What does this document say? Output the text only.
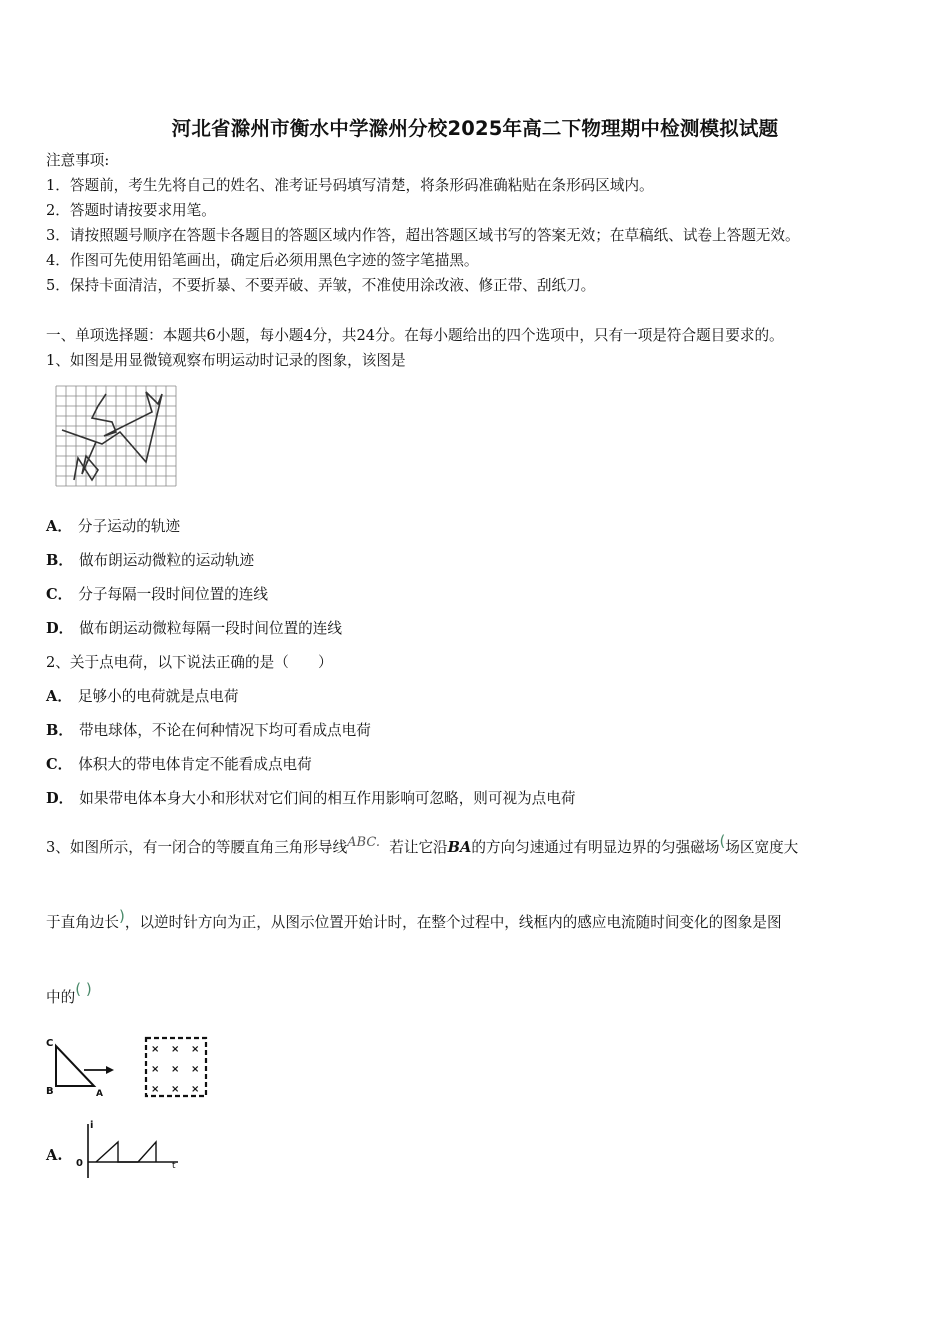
河北省滁州市衡水中学滁州分校2025年高二下物理期中检测模拟试题
注意事项:
1．答题前，考生先将自己的姓名、准考证号码填写清楚，将条形码准确粘贴在条形码区域内。
2．答题时请按要求用笔。
3．请按照题号顺序在答题卡各题目的答题区域内作答，超出答题区域书写的答案无效；在草稿纸、试卷上答题无效。
4．作图可先使用铅笔画出，确定后必须用黑色字迹的签字笔描黑。
5．保持卡面清洁，不要折暴、不要弄破、弄皱，不准使用涂改液、修正带、刮纸刀。
一、单项选择题：本题共6小题，每小题4分，共24分。在每小题给出的四个选项中，只有一项是符合题目要求的。
1、如图是用显微镜观察布明运动时记录的图象，该图是
A． 分子运动的轨迹
B． 做布朗运动微粒的运动轨迹
C． 分子每隔一段时间位置的连线
D． 做布朗运动微粒每隔一段时间位置的连线
2、关于点电荷，以下说法正确的是（　　）
A． 足够小的电荷就是点电荷
B． 带电球体，不论在何种情况下均可看成点电荷
C． 体积大的带电体肯定不能看成点电荷
D． 如果带电体本身大小和形状对它们间的相互作用影响可忽略，则可视为点电荷
3、如图所示，有一闭合的等腰直角三角形导线ABC. 若让它沿BA的方向匀速通过有明显边界的匀强磁场(场区宽度大
于直角边长)，以逆时针方向为正，从图示位置开始计时，在整个过程中，线框内的感应电流随时间变化的图象是图
中的( )
C
B	A
× × ×
× × ×
× × ×
A.
i
0	t
